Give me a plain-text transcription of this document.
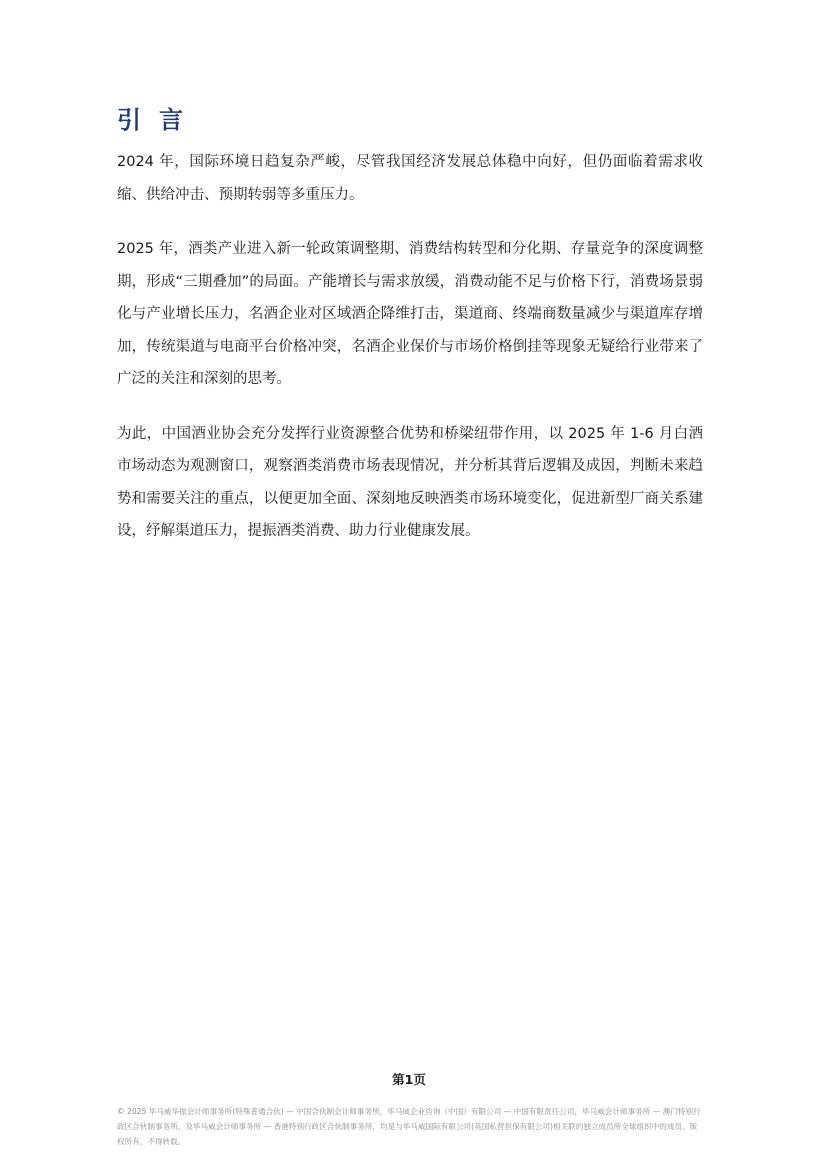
引言

2024 年，国际环境日趋复杂严峻，尽管我国经济发展总体稳中向好，但仍面临着需求收缩、供给冲击、预期转弱等多重压力。

2025 年，酒类产业进入新一轮政策调整期、消费结构转型和分化期、存量竞争的深度调整期，形成“三期叠加”的局面。产能增长与需求放缓，消费动能不足与价格下行，消费场景弱化与产业增长压力，名酒企业对区域酒企降维打击，渠道商、终端商数量减少与渠道库存增加，传统渠道与电商平台价格冲突，名酒企业保价与市场价格倒挂等现象无疑给行业带来了广泛的关注和深刻的思考。

为此，中国酒业协会充分发挥行业资源整合优势和桥梁纽带作用，以 2025 年 1-6 月白酒市场动态为观测窗口，观察酒类消费市场表现情况，并分析其背后逻辑及成因，判断未来趋势和需要关注的重点，以便更加全面、深刻地反映酒类市场环境变化，促进新型厂商关系建设，纾解渠道压力，提振酒类消费、助力行业健康发展。

第1页
© 2025 毕马威华振会计师事务所(特殊普通合伙) — 中国合伙制会计师事务所，毕马威企业咨询（中国）有限公司 — 中国有限责任公司，毕马威会计师事务所 — 澳门特别行政区合伙制事务所，及毕马威会计师事务所 — 香港特别行政区合伙制事务所，均是与毕马威国际有限公司(英国私营担保有限公司)相关联的独立成员所全球组织中的成员。版权所有，不得转载。
